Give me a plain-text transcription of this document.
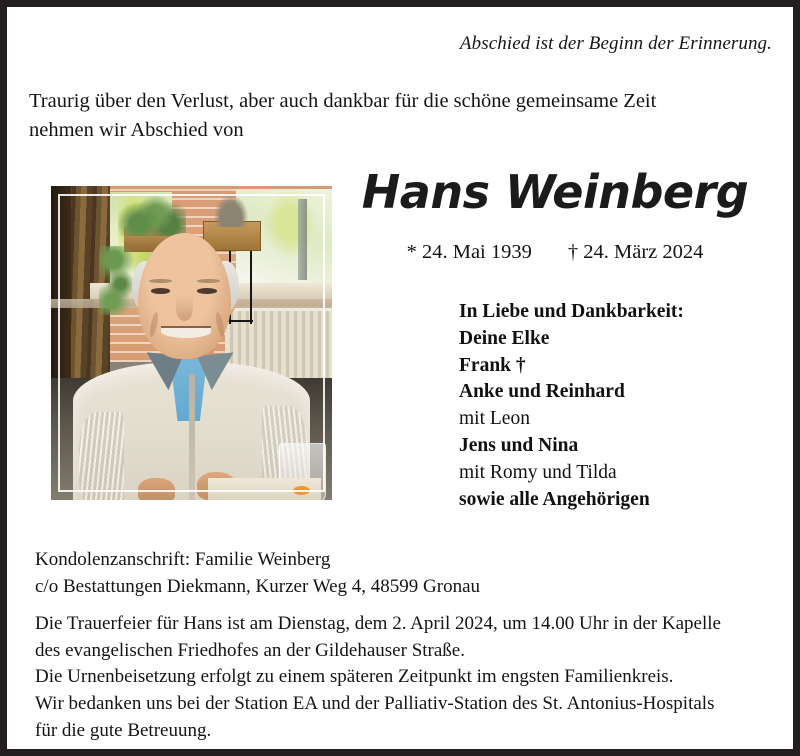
Abschied ist der Beginn der Erinnerung.
Traurig über den Verlust, aber auch dankbar für die schöne gemeinsame Zeit
nehmen wir Abschied von
Hans Weinberg
* 24. Mai 1939 † 24. März 2024
In Liebe und Dankbarkeit:
Deine Elke
Frank †
Anke und Reinhard
mit Leon
Jens und Nina
mit Romy und Tilda
sowie alle Angehörigen
Kondolenzanschrift: Familie Weinberg
c/o Bestattungen Diekmann, Kurzer Weg 4, 48599 Gronau
Die Trauerfeier für Hans ist am Dienstag, dem 2. April 2024, um 14.00 Uhr in der Kapelle
des evangelischen Friedhofes an der Gildehauser Straße.
Die Urnenbeisetzung erfolgt zu einem späteren Zeitpunkt im engsten Familienkreis.
Wir bedanken uns bei der Station EA und der Palliativ-Station des St. Antonius-Hospitals
für die gute Betreuung.
